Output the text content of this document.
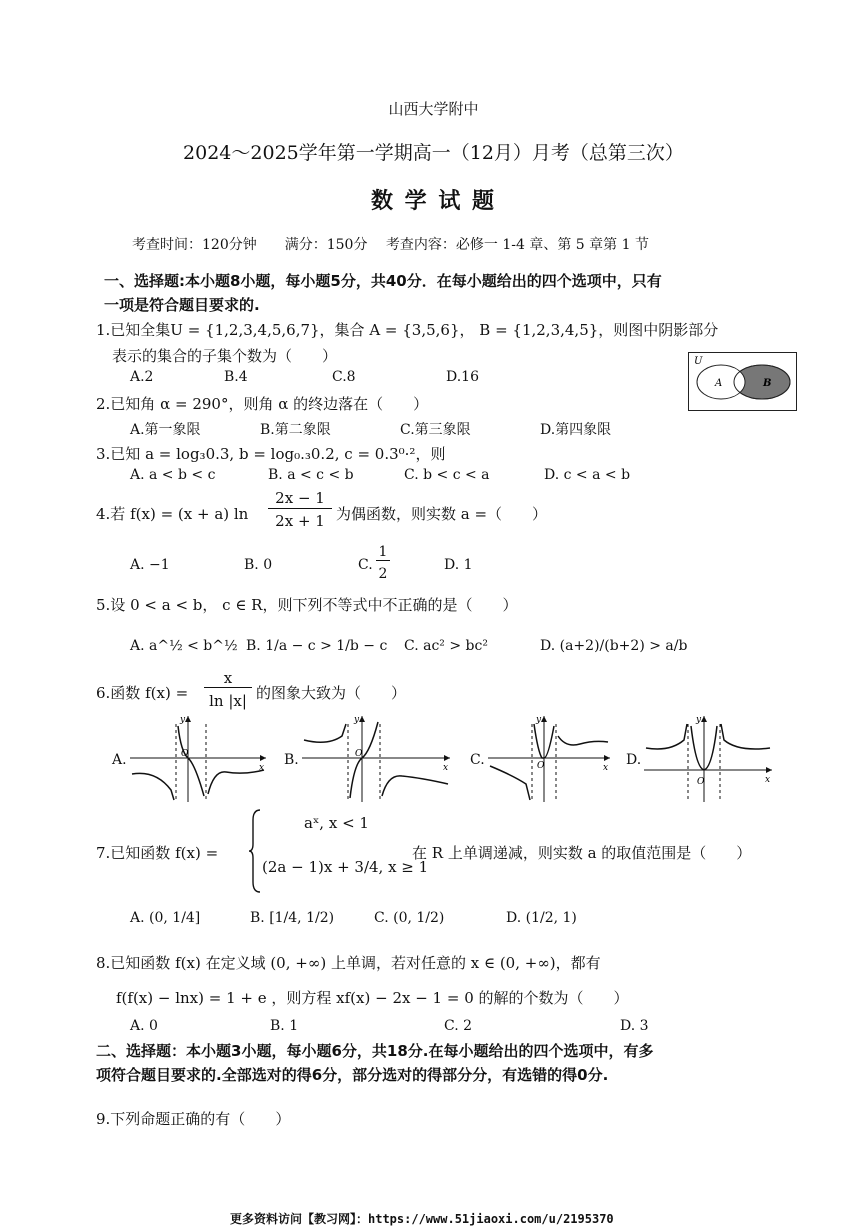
山西大学附中
2024～2025学年第一学期高一（12月）月考（总第三次）
数 学 试 题
考查时间：120分钟　　满分：150分　 考查内容：必修一 1-4 章、第 5 章第 1 节
一、选择题:本小题8小题，每小题5分，共40分．在每小题给出的四个选项中，只有
一项是符合题目要求的.
1.已知全集U = {1,2,3,4,5,6,7}，集合 A = {3,5,6}， B = {1,2,3,4,5}，则图中阴影部分
表示的集合的子集个数为（　　）
A.2	B.4	C.8	D.16
U
A	B
2.已知角 α = 290°，则角 α 的终边落在（　　）
A.第一象限	B.第二象限	C.第三象限	D.第四象限
3.已知 a = log₃0.3, b = log₀.₃0.2, c = 0.3⁰·²，则
A. a < b < c	B. a < c < b	C. b < c < a	D. c < a < b
4.若 f(x) = (x + a) ln
2x − 1
2x + 1 为偶函数，则实数 a =（　　）
A. −1	B. 0	C.
1
2
D. 1
5.设 0 < a < b， c ∈ R，则下列不等式中不正确的是（　　）
A. a^½ < b^½ B. 1/a − c > 1/b − c C. ac² > bc²	D. (a+2)/(b+2) > a/b
6.函数 f(x) =
x
ln |x| 的图象大致为（　　）
A.
y
x
O	B.
y
x
O	C.
y
x
O	D.
y
x
O
7.已知函数 f(x) =
aˣ, x < 1
(2a − 1)x + 3/4, x ≥ 1
在 R 上单调递减，则实数 a 的取值范围是（　　）
A. (0, 1/4]	B. [1/4, 1/2)	C. (0, 1/2)	D. (1/2, 1)
8.已知函数 f(x) 在定义域 (0, +∞) 上单调，若对任意的 x ∈ (0, +∞)，都有
f(f(x) − lnx) = 1 + e ，则方程 xf(x) − 2x − 1 = 0 的解的个数为（　　）
A. 0	B. 1	C. 2	D. 3
二、选择题：本小题3小题，每小题6分，共18分.在每小题给出的四个选项中，有多
项符合题目要求的.全部选对的得6分，部分选对的得部分分，有选错的得0分.
9.下列命题正确的有（　　）
更多资料访问【教习网】：https://www.51jiaoxi.com/u/2195370
